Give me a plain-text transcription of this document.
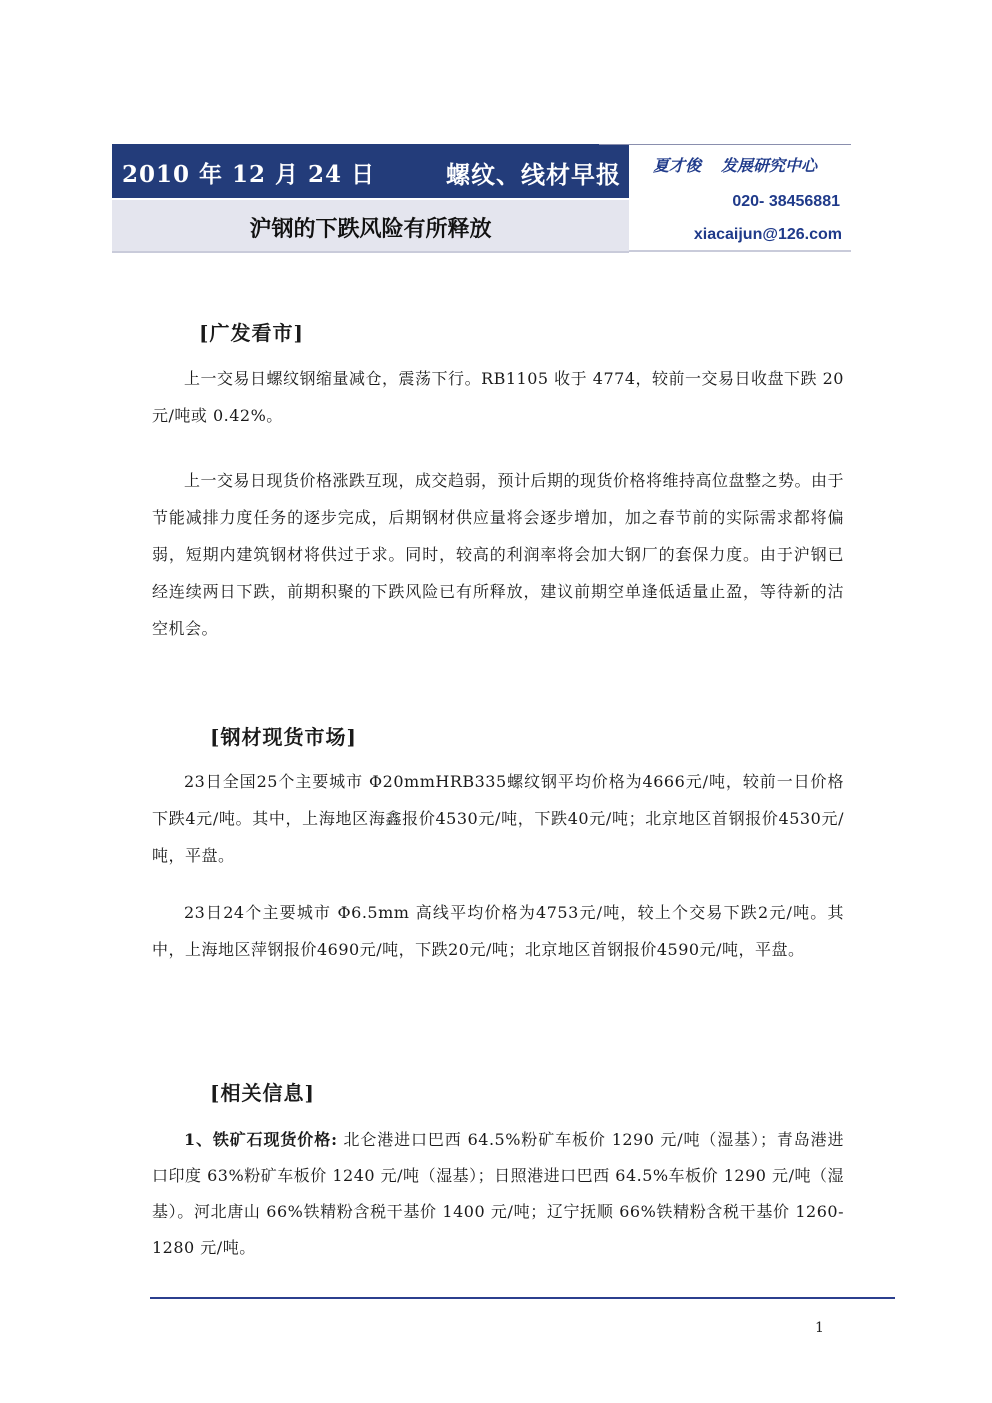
2010 年 12 月 24 日	螺纹、线材早报
沪钢的下跌风险有所释放
夏才俊 发展研究中心
020- 38456881
xiacaijun@126.com
[广发看市]
上一交易日螺纹钢缩量减仓，震荡下行。RB1105 收于 4774，较前一交易日收盘下跌 20 元/吨或 0.42%。
上一交易日现货价格涨跌互现，成交趋弱，预计后期的现货价格将维持高位盘整之势。由于节能减排力度任务的逐步完成，后期钢材供应量将会逐步增加，加之春节前的实际需求都将偏弱，短期内建筑钢材将供过于求。同时，较高的利润率将会加大钢厂的套保力度。由于沪钢已经连续两日下跌，前期积聚的下跌风险已有所释放，建议前期空单逢低适量止盈，等待新的沽空机会。
[钢材现货市场]
23日全国25个主要城市 Φ20mmHRB335螺纹钢平均价格为4666元/吨，较前一日价格下跌4元/吨。其中，上海地区海鑫报价4530元/吨，下跌40元/吨；北京地区首钢报价4530元/吨，平盘。
23日24个主要城市 Φ6.5mm 高线平均价格为4753元/吨，较上个交易下跌2元/吨。其中，上海地区萍钢报价4690元/吨，下跌20元/吨；北京地区首钢报价4590元/吨，平盘。
[相关信息]
1、铁矿石现货价格: 北仑港进口巴西 64.5%粉矿车板价 1290 元/吨（湿基）；青岛港进口印度 63%粉矿车板价 1240 元/吨（湿基）；日照港进口巴西 64.5%车板价 1290 元/吨（湿基）。河北唐山 66%铁精粉含税干基价 1400 元/吨；辽宁抚顺 66%铁精粉含税干基价 1260-1280 元/吨。
1
